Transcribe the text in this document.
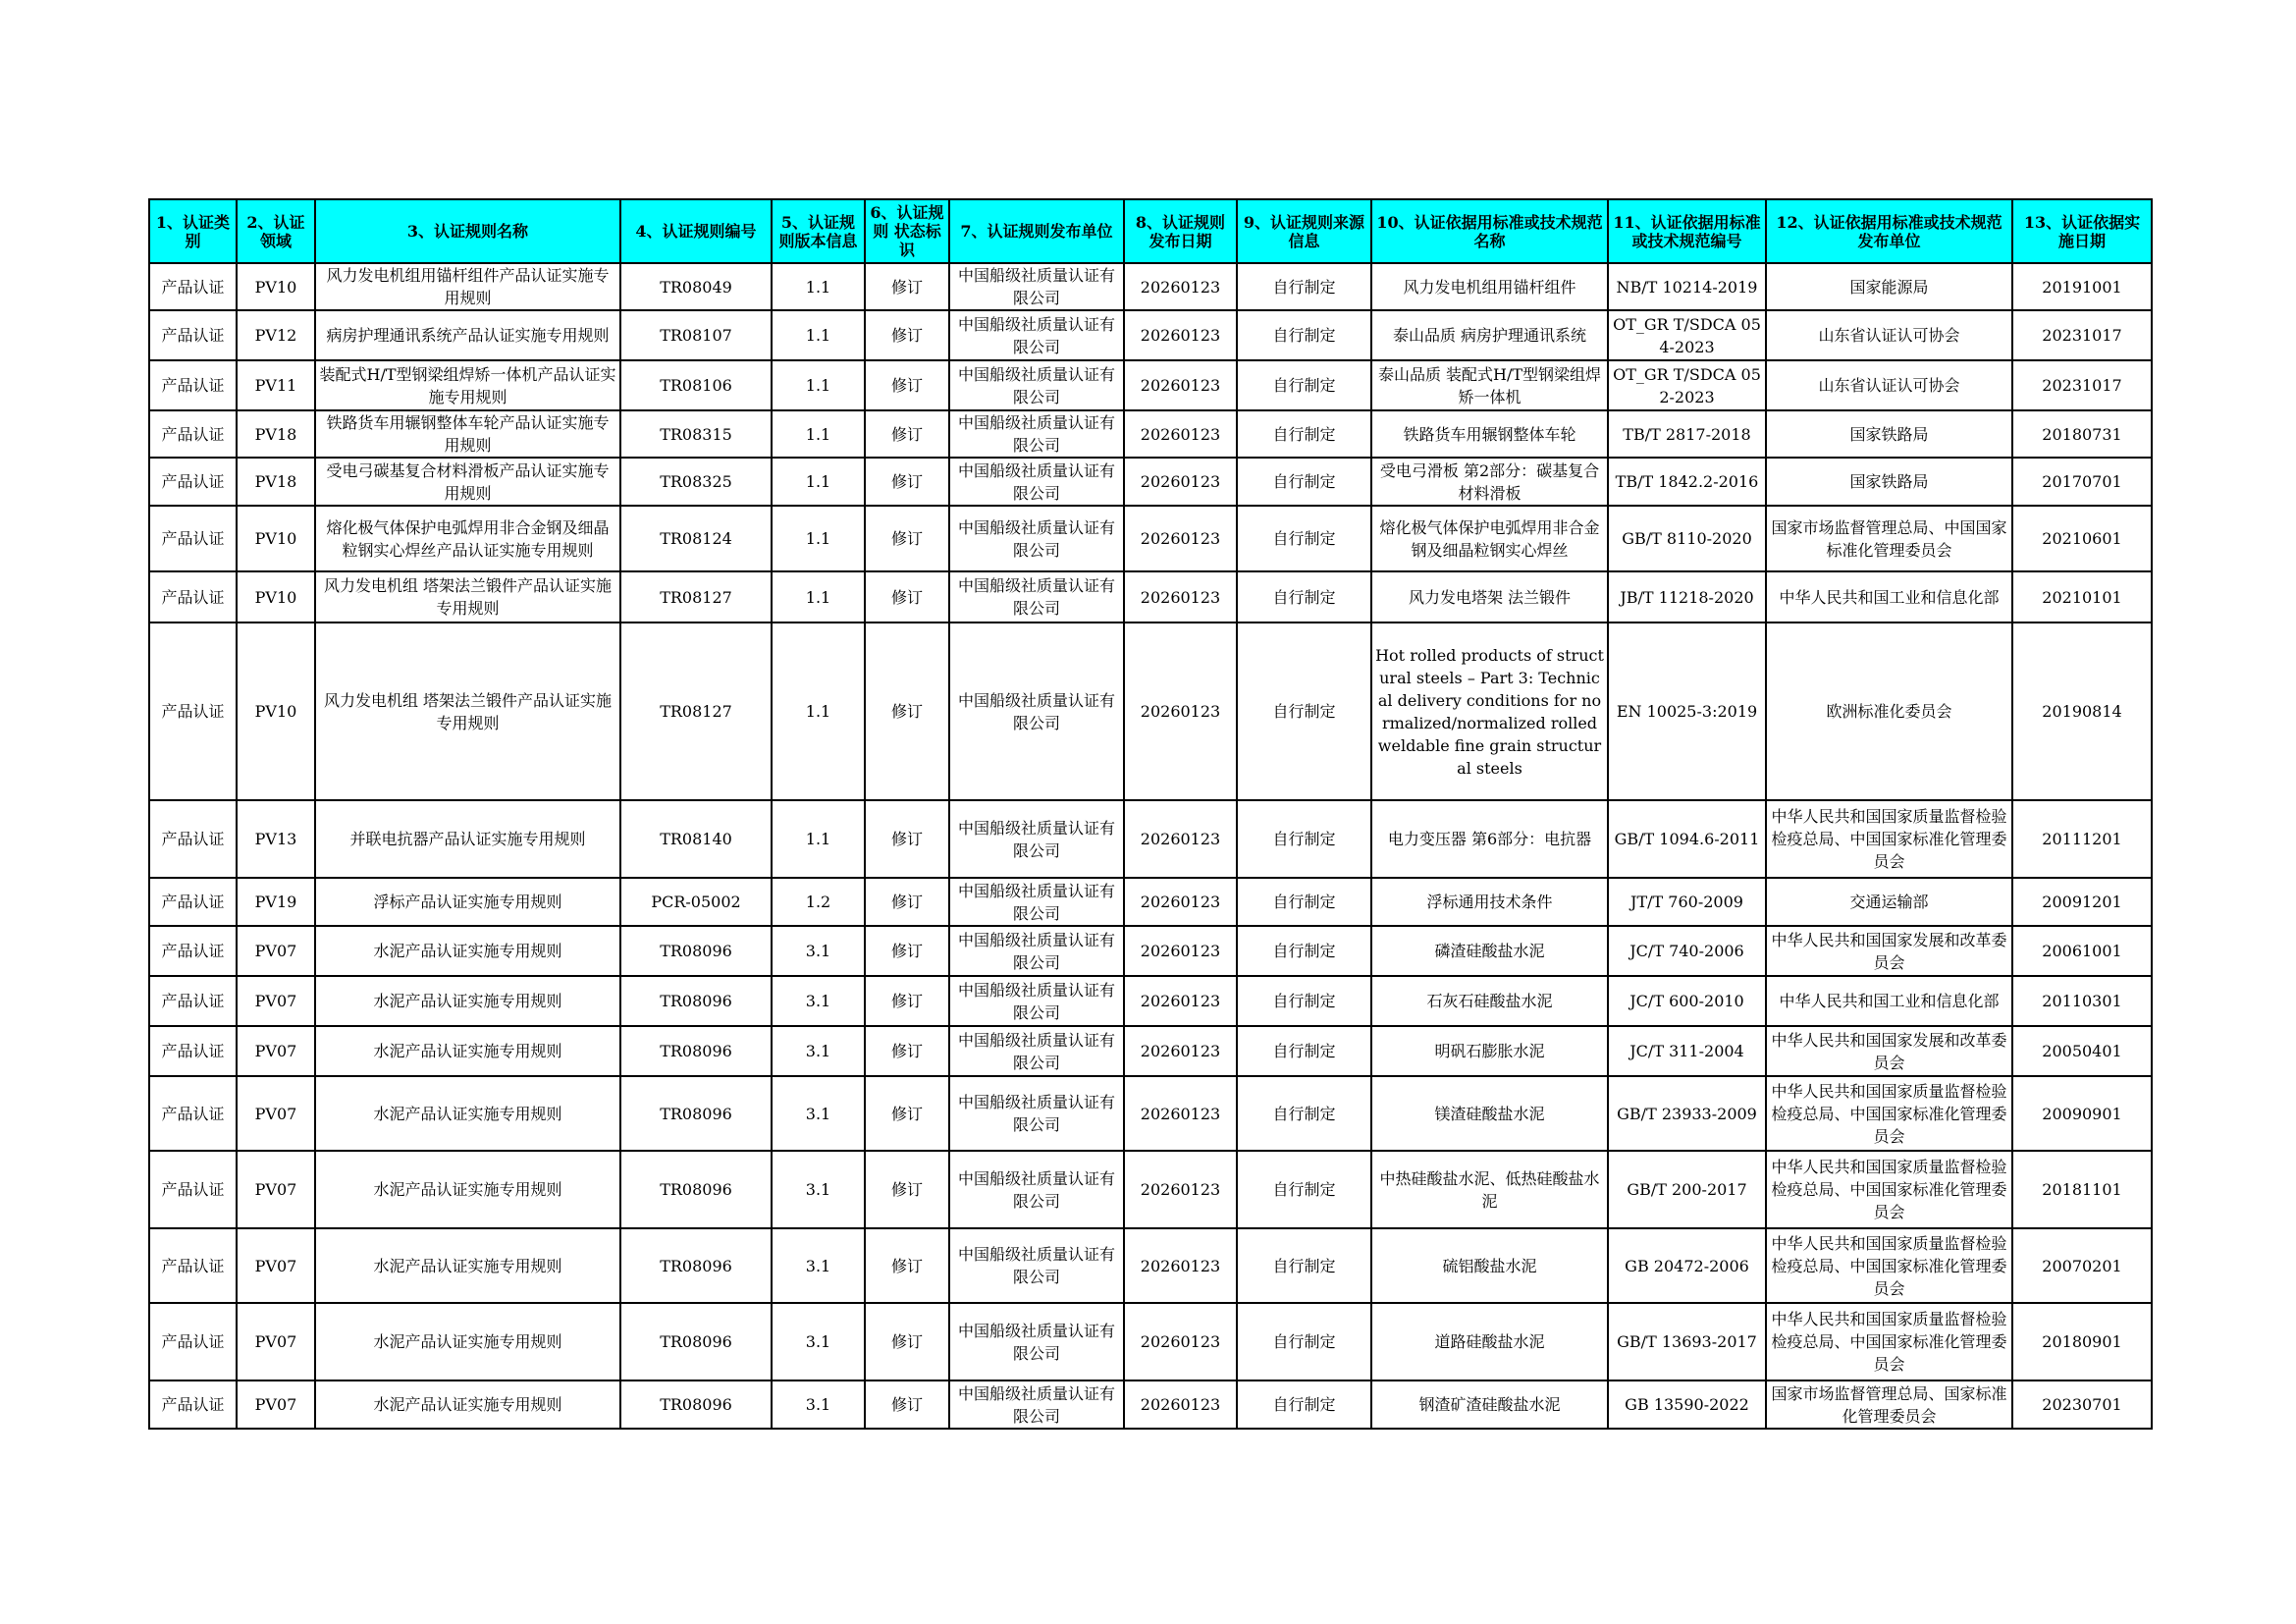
1、认证类别	2、认证领域	3、认证规则名称	4、认证规则编号	5、认证规则版本信息	6、认证规则 状态标识	7、认证规则发布单位	8、认证规则发布日期	9、认证规则来源信息	10、认证依据用标准或技术规范名称	11、认证依据用标准或技术规范编号	12、认证依据用标准或技术规范发布单位	13、认证依据实施日期
产品认证	PV10	风力发电机组用锚杆组件产品认证实施专用规则	TR08049	1.1	修订	中国船级社质量认证有限公司	20260123	自行制定	风力发电机组用锚杆组件	NB/T 10214-2019	国家能源局	20191001
产品认证	PV12	病房护理通讯系统产品认证实施专用规则	TR08107	1.1	修订	中国船级社质量认证有限公司	20260123	自行制定	泰山品质 病房护理通讯系统	OT_GR T/SDCA 054-2023	山东省认证认可协会	20231017
产品认证	PV11	装配式H/T型钢梁组焊矫一体机产品认证实施专用规则	TR08106	1.1	修订	中国船级社质量认证有限公司	20260123	自行制定	泰山品质 装配式H/T型钢梁组焊矫一体机	OT_GR T/SDCA 052-2023	山东省认证认可协会	20231017
产品认证	PV18	铁路货车用辗钢整体车轮产品认证实施专用规则	TR08315	1.1	修订	中国船级社质量认证有限公司	20260123	自行制定	铁路货车用辗钢整体车轮	TB/T 2817-2018	国家铁路局	20180731
产品认证	PV18	受电弓碳基复合材料滑板产品认证实施专用规则	TR08325	1.1	修订	中国船级社质量认证有限公司	20260123	自行制定	受电弓滑板 第2部分：碳基复合材料滑板	TB/T 1842.2-2016	国家铁路局	20170701
产品认证	PV10	熔化极气体保护电弧焊用非合金钢及细晶粒钢实心焊丝产品认证实施专用规则	TR08124	1.1	修订	中国船级社质量认证有限公司	20260123	自行制定	熔化极气体保护电弧焊用非合金钢及细晶粒钢实心焊丝	GB/T 8110-2020	国家市场监督管理总局、中国国家标准化管理委员会	20210601
产品认证	PV10	风力发电机组 塔架法兰锻件产品认证实施专用规则	TR08127	1.1	修订	中国船级社质量认证有限公司	20260123	自行制定	风力发电塔架 法兰锻件	JB/T 11218-2020	中华人民共和国工业和信息化部	20210101
产品认证	PV10	风力发电机组 塔架法兰锻件产品认证实施专用规则	TR08127	1.1	修订	中国船级社质量认证有限公司	20260123	自行制定	Hot rolled products of structural steels – Part 3: Technical delivery conditions for normalized/normalized rolled weldable fine grain structural steels	EN 10025-3:2019	欧洲标准化委员会	20190814
产品认证	PV13	并联电抗器产品认证实施专用规则	TR08140	1.1	修订	中国船级社质量认证有限公司	20260123	自行制定	电力变压器 第6部分：电抗器	GB/T 1094.6-2011	中华人民共和国国家质量监督检验检疫总局、中国国家标准化管理委员会	20111201
产品认证	PV19	浮标产品认证实施专用规则	PCR-05002	1.2	修订	中国船级社质量认证有限公司	20260123	自行制定	浮标通用技术条件	JT/T 760-2009	交通运输部	20091201
产品认证	PV07	水泥产品认证实施专用规则	TR08096	3.1	修订	中国船级社质量认证有限公司	20260123	自行制定	磷渣硅酸盐水泥	JC/T 740-2006	中华人民共和国国家发展和改革委员会	20061001
产品认证	PV07	水泥产品认证实施专用规则	TR08096	3.1	修订	中国船级社质量认证有限公司	20260123	自行制定	石灰石硅酸盐水泥	JC/T 600-2010	中华人民共和国工业和信息化部	20110301
产品认证	PV07	水泥产品认证实施专用规则	TR08096	3.1	修订	中国船级社质量认证有限公司	20260123	自行制定	明矾石膨胀水泥	JC/T 311-2004	中华人民共和国国家发展和改革委员会	20050401
产品认证	PV07	水泥产品认证实施专用规则	TR08096	3.1	修订	中国船级社质量认证有限公司	20260123	自行制定	镁渣硅酸盐水泥	GB/T 23933-2009	中华人民共和国国家质量监督检验检疫总局、中国国家标准化管理委员会	20090901
产品认证	PV07	水泥产品认证实施专用规则	TR08096	3.1	修订	中国船级社质量认证有限公司	20260123	自行制定	中热硅酸盐水泥、低热硅酸盐水泥	GB/T 200-2017	中华人民共和国国家质量监督检验检疫总局、中国国家标准化管理委员会	20181101
产品认证	PV07	水泥产品认证实施专用规则	TR08096	3.1	修订	中国船级社质量认证有限公司	20260123	自行制定	硫铝酸盐水泥	GB 20472-2006	中华人民共和国国家质量监督检验检疫总局、中国国家标准化管理委员会	20070201
产品认证	PV07	水泥产品认证实施专用规则	TR08096	3.1	修订	中国船级社质量认证有限公司	20260123	自行制定	道路硅酸盐水泥	GB/T 13693-2017	中华人民共和国国家质量监督检验检疫总局、中国国家标准化管理委员会	20180901
产品认证	PV07	水泥产品认证实施专用规则	TR08096	3.1	修订	中国船级社质量认证有限公司	20260123	自行制定	钢渣矿渣硅酸盐水泥	GB 13590-2022	国家市场监督管理总局、国家标准化管理委员会	20230701
